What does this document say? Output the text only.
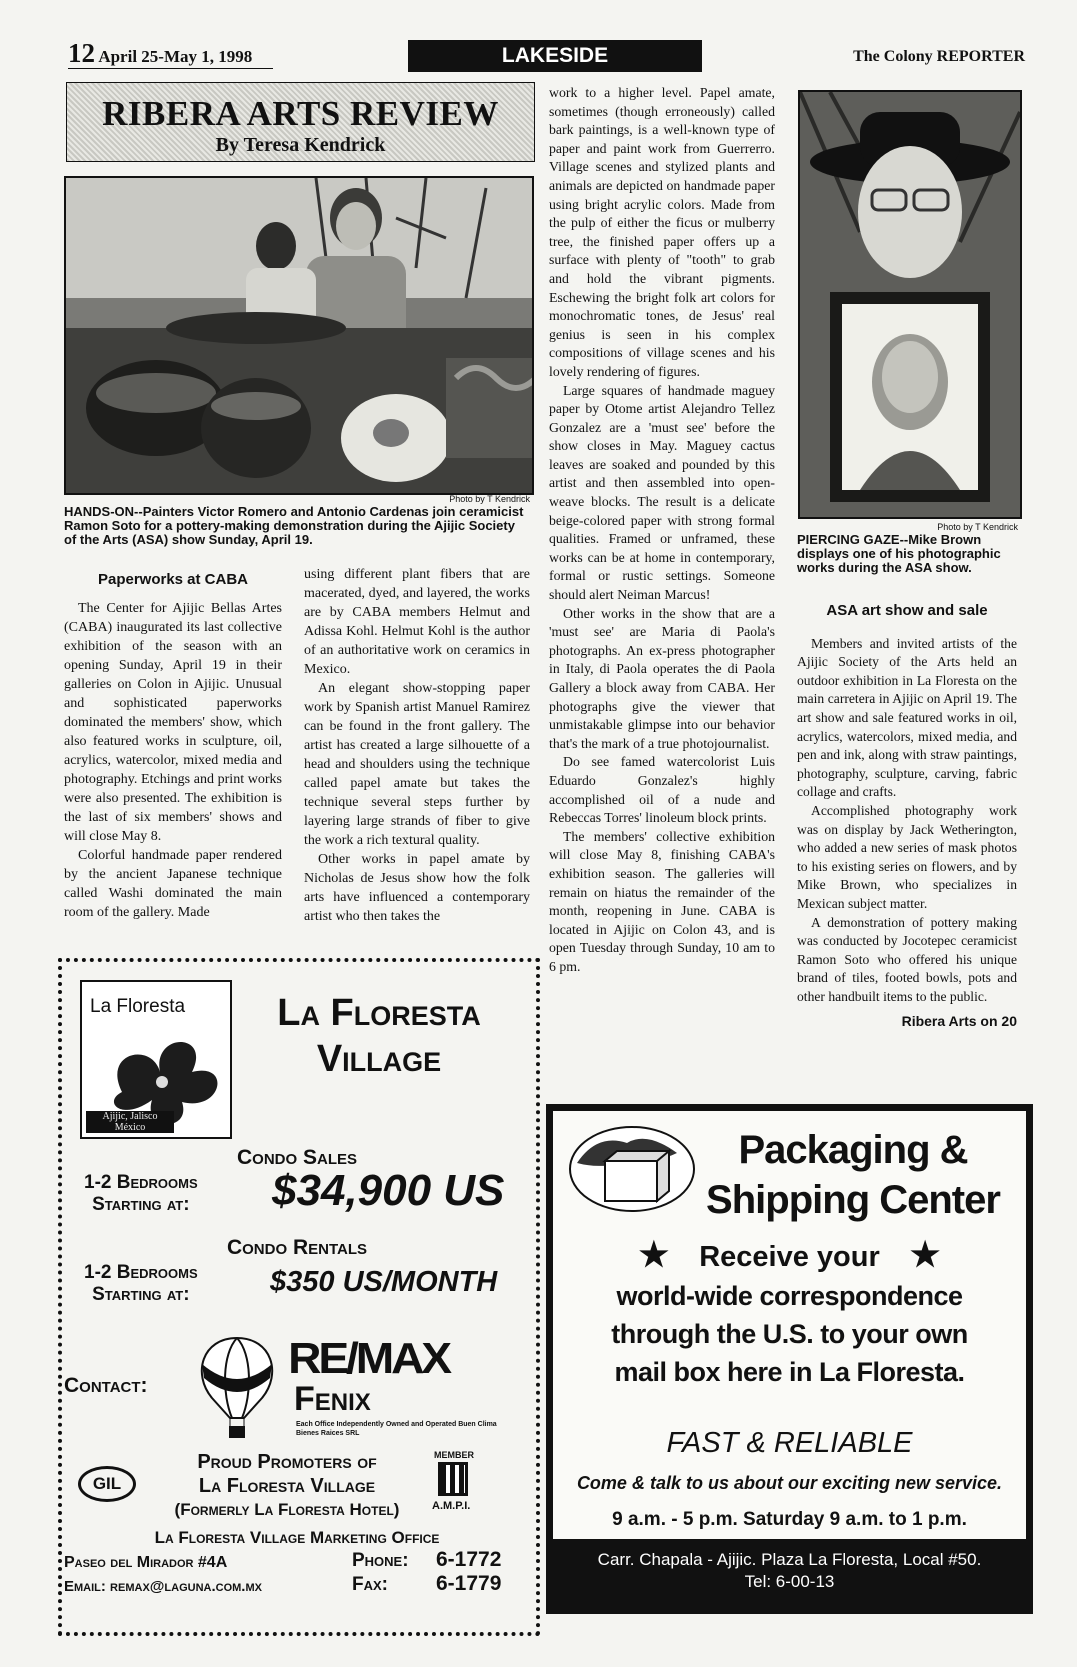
12 April 25-May 1, 1998	LAKESIDE	The Colony REPORTER
RIBERA ARTS REVIEW
By Teresa Kendrick
Photo by T Kendrick
HANDS-ON--Painters Victor Romero and Antonio Cardenas join ceramicist Ramon Soto for a pottery-making demonstration during the Ajijic Society of the Arts (ASA) show Sunday, April 19.
Paperworks at CABA

The Center for Ajijic Bellas Artes (CABA) inaugurated its last collective exhibition of the season with an opening Sunday, April 19 in their galleries on Colon in Ajijic. Unusual and sophisticated paperworks dominated the members' show, which also featured works in sculpture, oil, acrylics, watercolor, mixed media and photography. Etchings and print works were also presented. The exhibition is the last of six members' shows and will close May 8.

Colorful handmade paper rendered by the ancient Japanese technique called Washi dominated the main room of the gallery. Made

using different plant fibers that are macerated, dyed, and layered, the works are by CABA members Helmut and Adissa Kohl. Helmut Kohl is the author of an authoritative work on ceramics in Mexico.

An elegant show-stopping paper work by Spanish artist Manuel Ramirez can be found in the front gallery. The artist has created a large silhouette of a head and shoulders using the technique called papel amate but takes the technique several steps further by layering large strands of fiber to give the work a rich textural quality.

Other works in papel amate by Nicholas de Jesus show how the folk arts have influenced a contemporary artist who then takes the

work to a higher level. Papel amate, sometimes (though erroneously) called bark paintings, is a well-known type of paper and paint work from Guerrerro. Village scenes and stylized plants and animals are depicted on handmade paper using bright acrylic colors. Made from the pulp of either the ficus or mulberry tree, the finished paper offers up a surface with plenty of "tooth" to grab and hold the vibrant pigments. Eschewing the bright folk art colors for monochromatic tones, de Jesus' real genius is seen in his complex compositions of village scenes and his lovely rendering of figures.

Large squares of handmade maguey paper by Otome artist Alejandro Tellez Gonzalez are a 'must see' before the show closes in May. Maguey cactus leaves are soaked and pounded by this artist and then assembled into open-weave blocks. The result is a delicate beige-colored paper with strong formal qualities. Framed or unframed, these works can be at home in contemporary, formal or rustic settings. Someone should alert Neiman Marcus!

Other works in the show that are a 'must see' are Maria di Paola's photographs. An ex-press photographer in Italy, di Paola operates the di Paola Gallery a block away from CABA. Her photographs give the viewer that unmistakable glimpse into our behavior that's the mark of a true photojournalist.

Do see famed watercolorist Luis Eduardo Gonzalez's highly accomplished oil of a nude and Rebeccas Torres' linoleum block prints.

The members' collective exhibition will close May 8, finishing CABA's exhibition season. The galleries will remain on hiatus the remainder of the month, reopening in June. CABA is located in Ajijic on Colon 43, and is open Tuesday through Sunday, 10 am to 6 pm.

Photo by T Kendrick
PIERCING GAZE--Mike Brown displays one of his photographic works during the ASA show.
ASA art show and sale

Members and invited artists of the Ajijic Society of the Arts held an outdoor exhibition in La Floresta on the main carretera in Ajijic on April 19. The art show and sale featured works in oil, acrylics, watercolors, mixed media, and pen and ink, along with straw paintings, photography, sculpture, carving, fabric collage and crafts.

Accomplished photography work was on display by Jack Wetherington, who added a new series of mask photos to his existing series on flowers, and by Mike Brown, who specializes in Mexican subject matter.

A demonstration of pottery making was conducted by Jocotepec ceramicist Ramon Soto who offered his unique brand of tiles, footed bowls, pots and other handbuilt items to the public.

Ribera Arts on 20
La Floresta
Ajijic, Jalisco México
La Floresta
Village
Condo Sales
1-2 Bedrooms
Starting at: $34,900 US
Condo Rentals
1-2 Bedrooms
Starting at:	$350 US/MONTH
Contact:
RE/MAX
Fenix
Each Office Independently Owned and Operated Buen Clima Bienes Raices SRL
GIL
Proud Promoters of
La Floresta Village
(Formerly La Floresta Hotel)
MEMBER
A.M.P.I.
La Floresta Village Marketing Office
Paseo del Mirador #4A	Phone: 6-1772
Email: remax@laguna.com.mx	Fax: 6-1779
Packaging &
Shipping Center
★ Receive your ★
world-wide correspondence
through the U.S. to your own
mail box here in La Floresta.
FAST & RELIABLE
Come & talk to us about our exciting new service.
9 a.m. - 5 p.m. Saturday 9 a.m. to 1 p.m.
Carr. Chapala - Ajijic. Plaza La Floresta, Local #50.
Tel: 6-00-13
